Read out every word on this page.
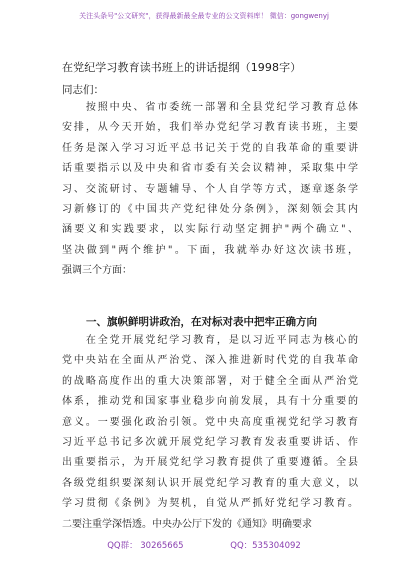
关注头条号"公文研究"，获得最新最全最专业的公文资料库！ 微信：gongwenyj
在党纪学习教育读书班上的讲话提纲（1998字）
同志们：
　　按照中央、省市委统一部署和全县党纪学习教育总体
安排，从今天开始，我们举办党纪学习教育读书班，主要
任务是深入学习习近平总书记关于党的自我革命的重要讲
话重要指示以及中央和省市委有关会议精神，采取集中学
习、交流研讨、专题辅导、个人自学等方式，逐章逐条学
习新修订的《中国共产党纪律处分条例》，深刻领会其内
涵要义和实践要求，以实际行动坚定拥护"两个确立"、
坚决做到"两个维护"。下面，我就举办好这次读书班，
强调三个方面：
一、旗帜鲜明讲政治，在对标对表中把牢正确方向
　　在全党开展党纪学习教育，是以习近平同志为核心的
党中央站在全面从严治党、深入推进新时代党的自我革命
的战略高度作出的重大决策部署，对于健全全面从严治党
体系，推动党和国家事业稳步向前发展，具有十分重要的
意义。一要强化政治引领。党中央高度重视党纪学习教育
习近平总书记多次就开展党纪学习教育发表重要讲话、作
出重要指示，为开展党纪学习教育提供了重要遵循。全县
各级党组织要深刻认识开展党纪学习教育的重大意义，以
学习贯彻《条例》为契机，自觉从严抓好党纪学习教育。
二要注重学深悟透。中央办公厅下发的《通知》明确要求
QQ群： 30265665	QQ：535304092
